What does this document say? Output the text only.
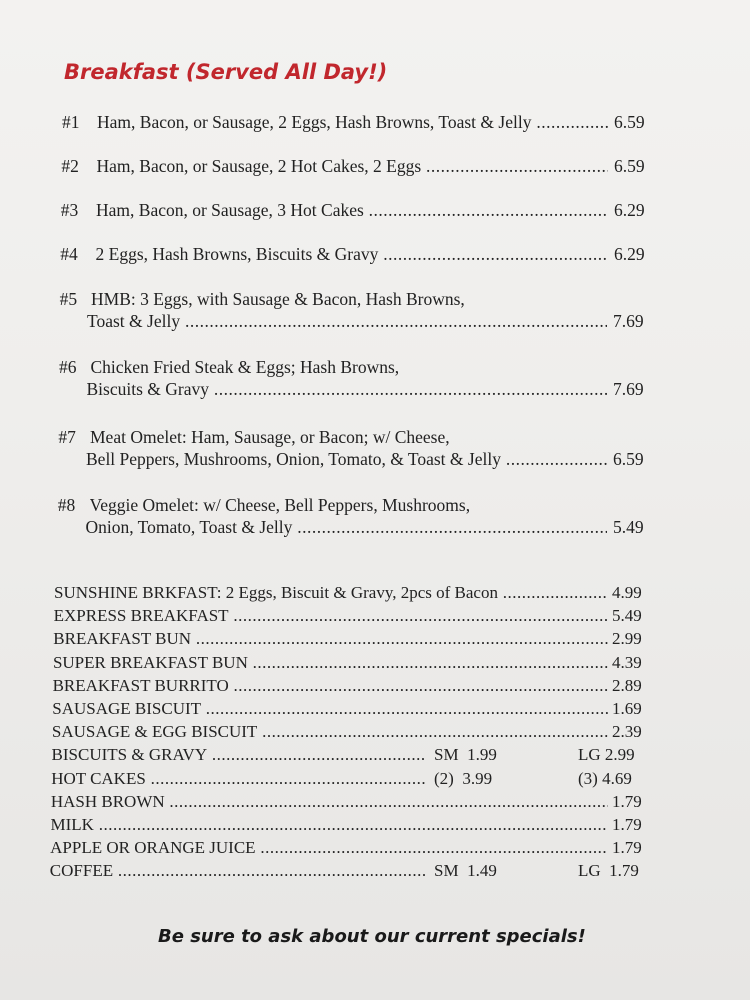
Breakfast (Served All Day!)
#1 Ham, Bacon, or Sausage, 2 Eggs, Hash Browns, Toast & Jelly .....	6.59
#2 Ham, Bacon, or Sausage, 2 Hot Cakes, 2 Eggs .....	6.59
#3 Ham, Bacon, or Sausage, 3 Hot Cakes .....	6.29
#4 2 Eggs, Hash Browns, Biscuits & Gravy .....	6.29
#5 HMB: 3 Eggs, with Sausage & Bacon, Hash Browns,
Toast & Jelly .....	7.69
#6 Chicken Fried Steak & Eggs; Hash Browns,
Biscuits & Gravy .....	7.69
#7 Meat Omelet: Ham, Sausage, or Bacon; w/ Cheese,
Bell Peppers, Mushrooms, Onion, Tomato, & Toast & Jelly .....	6.59
#8 Veggie Omelet: w/ Cheese, Bell Peppers, Mushrooms,
Onion, Tomato, Toast & Jelly .....	5.49
SUNSHINE BRKFAST: 2 Eggs, Biscuit & Gravy, 2pcs of Bacon .....	4.99
EXPRESS BREAKFAST .....	5.49
BREAKFAST BUN .....	2.99
SUPER BREAKFAST BUN .....	4.39
BREAKFAST BURRITO .....	2.89
SAUSAGE BISCUIT .....	1.69
SAUSAGE & EGG BISCUIT .....	2.39
BISCUITS & GRAVY .....	SM  1.99	LG 2.99
HOT CAKES .....	(2)  3.99	(3) 4.69
HASH BROWN .....	1.79
MILK .....	1.79
APPLE OR ORANGE JUICE .....	1.79
COFFEE .....	SM  1.49	LG  1.79
Be sure to ask about our current specials!
